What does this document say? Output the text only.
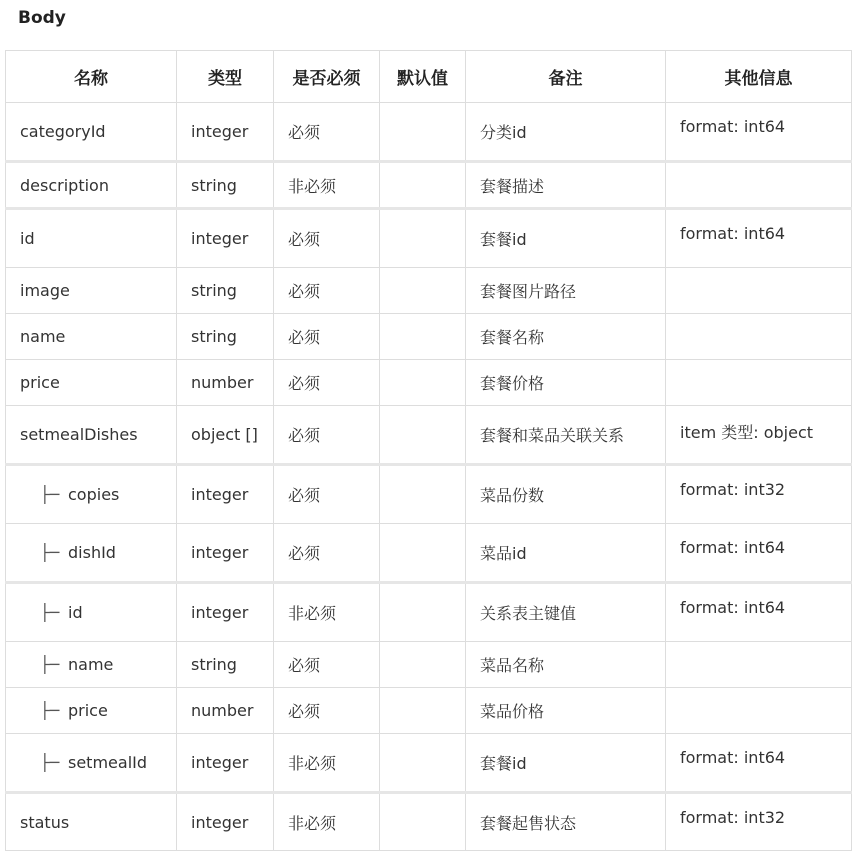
Body
名称	类型	是否必须	默认值	备注	其他信息
categoryId	integer	必须		分类id	format: int64
description	string	非必须		套餐描述	
id	integer	必须		套餐id	format: int64
image	string	必须		套餐图片路径	
name	string	必须		套餐名称	
price	number	必须		套餐价格	
setmealDishes	object []	必须		套餐和菜品关联关系	item 类型: object
├─ copies	integer	必须		菜品份数	format: int32
├─ dishId	integer	必须		菜品id	format: int64
├─ id	integer	非必须		关系表主键值	format: int64
├─ name	string	必须		菜品名称	
├─ price	number	必须		菜品价格	
├─ setmealId	integer	非必须		套餐id	format: int64
status	integer	非必须		套餐起售状态	format: int32
